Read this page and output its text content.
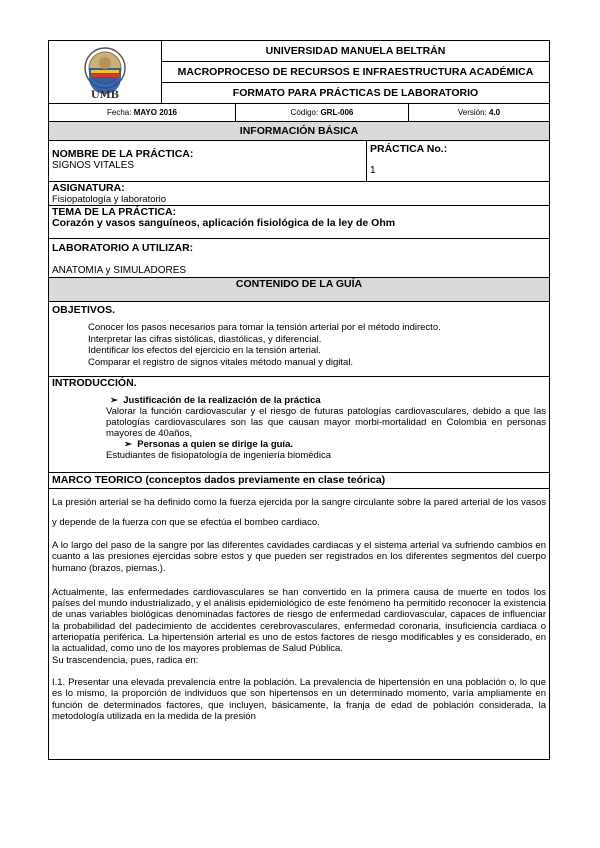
UMB
UNIVERSIDAD MANUELA BELTRÁN
MACROPROCESO DE RECURSOS E INFRAESTRUCTURA ACADÉMICA
FORMATO PARA PRÁCTICAS DE LABORATORIO
Fecha: MAYO 2016	Código: GRL-006	Versión: 4.0
INFORMACIÓN BÁSICA
NOMBRE DE LA PRÁCTICA:
SIGNOS VITALES
PRÁCTICA No.:
1
ASIGNATURA:
Fisiopatología y laboratorio
TEMA DE LA PRÁCTICA:
Corazón y vasos sanguíneos, aplicación fisiológica de la ley de Ohm
LABORATORIO A UTILIZAR:
ANATOMIA y SIMULADORES
CONTENIDO DE LA GUÍA
OBJETIVOS.
Conocer los pasos necesarios para tomar la tensión arterial por el método indirecto.
Interpretar las cifras sistólicas, diastólicas, y diferencial.
Identificar los efectos del ejercicio en la tensión arterial.
Comparar el registro de signos vitales método manual y digital.
INTRODUCCIÓN.
➢  Justificación de la realización de la práctica
Valorar la función cardiovascular y el riesgo de futuras patologías cardiovasculares, debido a que las patologías cardiovasculares son las que causan mayor morbi-mortalidad en Colombia en personas mayores de 40años,
➢  Personas a quien se dirige la guía.
Estudiantes de fisiopatología de ingeniería biomédica
MARCO TEORICO (conceptos dados previamente en clase teórica)
La presión arterial se ha definido como la fuerza ejercida por la sangre circulante sobre la pared arterial de los vasos y depende de la fuerza con que se efectúa el bombeo cardiaco.
A lo largo del paso de la sangre por las diferentes cavidades cardiacas y el sistema arterial va sufriendo cambios en cuanto a las presiones ejercidas sobre estos y que pueden ser registrados en los diferentes segmentos del cuerpo humano (brazos, piernas.).
Actualmente, las enfermedades cardiovasculares se han convertido en la primera causa de muerte en todos los países del mundo industrializado, y el análisis epidemiológico de este fenómeno ha permitido reconocer la existencia de unas variables biológicas denominadas factores de riesgo de enfermedad cardiovascular, capaces de influenciar la probabilidad del padecimiento de accidentes cerebrovasculares, enfermedad coronaria, insuficiencia cardiaca o arteriopatía periférica. La hipertensión arterial es uno de estos factores de riesgo modificables y es considerado, en la actualidad, como uno de los mayores problemas de Salud Pública.
Su trascendencia, pues, radica en:
I.1. Presentar una elevada prevalencia entre la población. La prevalencia de hipertensión en una población o, lo que es lo mismo, la proporción de individuos que son hipertensos en un determinado momento, varía ampliamente en función de determinados factores, que incluyen, básicamente, la franja de edad de población considerada, la metodología utilizada en la medida de la presión
